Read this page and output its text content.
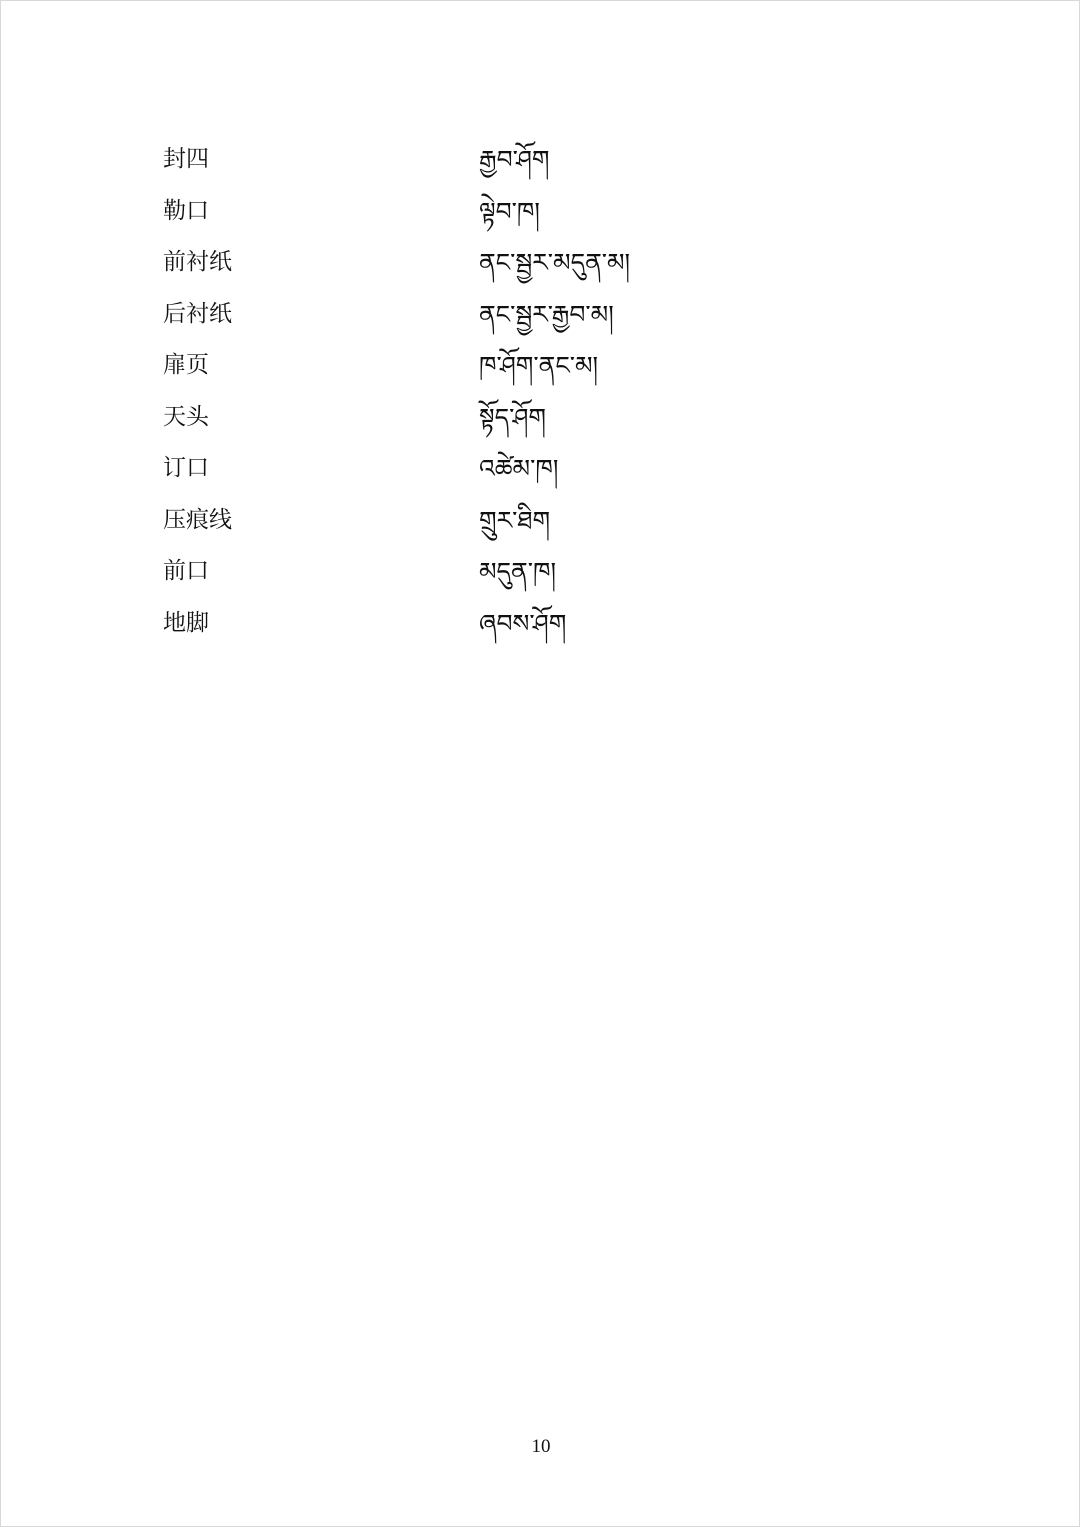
封四	རྒྱབ་ཤོག
勒口	ལྟེབ་ཁ།
前衬纸	ནང་སྦྱར་མདུན་མ།
后衬纸	ནང་སྦྱར་རྒྱབ་མ།
扉页	ཁ་ཤོག་ནང་མ།
天头	སྟོད་ཤོག
订口	འཚེམ་ཁ།
压痕线	གྲུར་ཐིག
前口	མདུན་ཁ།
地脚	ཞབས་ཤོག
10
